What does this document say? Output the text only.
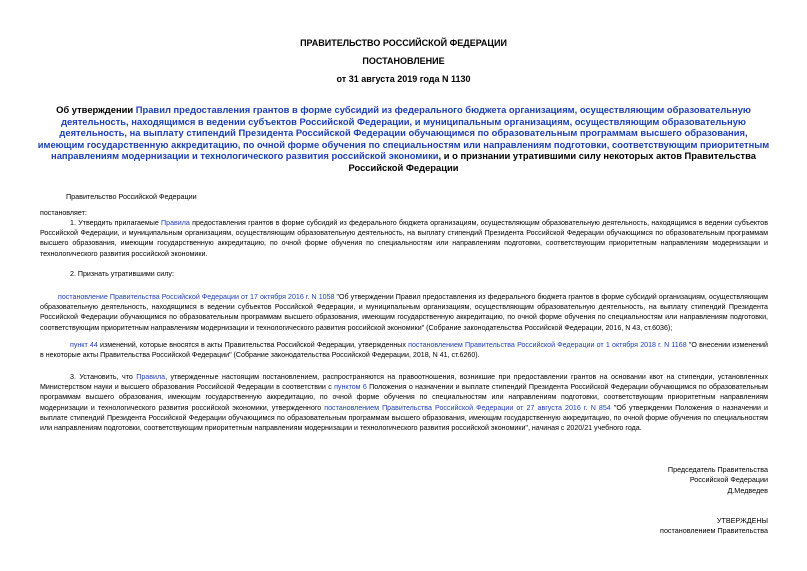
ПРАВИТЕЛЬСТВО РОССИЙСКОЙ ФЕДЕРАЦИИ
ПОСТАНОВЛЕНИЕ
от 31 августа 2019 года N 1130
Об утверждении Правил предоставления грантов в форме субсидий из федерального бюджета организациям, осуществляющим образовательную деятельность, находящимся в ведении субъектов Российской Федерации, и муниципальным организациям, осуществляющим образовательную деятельность, на выплату стипендий Президента Российской Федерации обучающимся по образовательным программам высшего образования, имеющим государственную аккредитацию, по очной форме обучения по специальностям или направлениям подготовки, соответствующим приоритетным направлениям модернизации и технологического развития российской экономики, и о признании утратившими силу некоторых актов Правительства Российской Федерации
Правительство Российской Федерации
постановляет:
1. Утвердить прилагаемые Правила предоставления грантов в форме субсидий из федерального бюджета организациям, осуществляющим образовательную деятельность, находящимся в ведении субъектов Российской Федерации, и муниципальным организациям, осуществляющим образовательную деятельность, на выплату стипендий Президента Российской Федерации обучающимся по образовательным программам высшего образования, имеющим государственную аккредитацию, по очной форме обучения по специальностям или направлениям подготовки, соответствующим приоритетным направлениям модернизации и технологического развития российской экономики.
2. Признать утратившими силу:
постановление Правительства Российской Федерации от 17 октября 2016 г. N 1058 "Об утверждении Правил предоставления из федерального бюджета грантов в форме субсидий организациям, осуществляющим образовательную деятельность, находящимся в ведении субъектов Российской Федерации, и муниципальным организациям, осуществляющим образовательную деятельность, на выплату стипендий Президента Российской Федерации обучающимся по образовательным программам высшего образования, имеющим государственную аккредитацию, по очной форме обучения по специальностям или направлениям подготовки, соответствующим приоритетным направлениям модернизации и технологического развития российской экономики" (Собрание законодательства Российской Федерации, 2016, N 43, ст.6036);
пункт 44 изменений, которые вносятся в акты Правительства Российской Федерации, утвержденных постановлением Правительства Российской Федерации от 1 октября 2018 г. N 1168 "О внесении изменений в некоторые акты Правительства Российской Федерации" (Собрание законодательства Российской Федерации, 2018, N 41, ст.6260).
3. Установить, что Правила, утвержденные настоящим постановлением, распространяются на правоотношения, возникшие при предоставлении грантов на основании квот на стипендии, установленных Министерством науки и высшего образования Российской Федерации в соответствии с пунктом 6 Положения о назначении и выплате стипендий Президента Российской Федерации обучающимся по образовательным программам высшего образования, имеющим государственную аккредитацию, по очной форме обучения по специальностям или направлениям подготовки, соответствующим приоритетным направлениям модернизации и технологического развития российской экономики, утвержденного постановлением Правительства Российской Федерации от 27 августа 2016 г. N 854 "Об утверждении Положения о назначении и выплате стипендий Президента Российской Федерации обучающимся по образовательным программам высшего образования, имеющим государственную аккредитацию, по очной форме обучения по специальностям или направлениям подготовки, соответствующим приоритетным направлениям модернизации и технологического развития российской экономики", начиная с 2020/21 учебного года.
Председатель Правительства
Российской Федерации
Д.Медведев
УТВЕРЖДЕНЫ
постановлением Правительства
